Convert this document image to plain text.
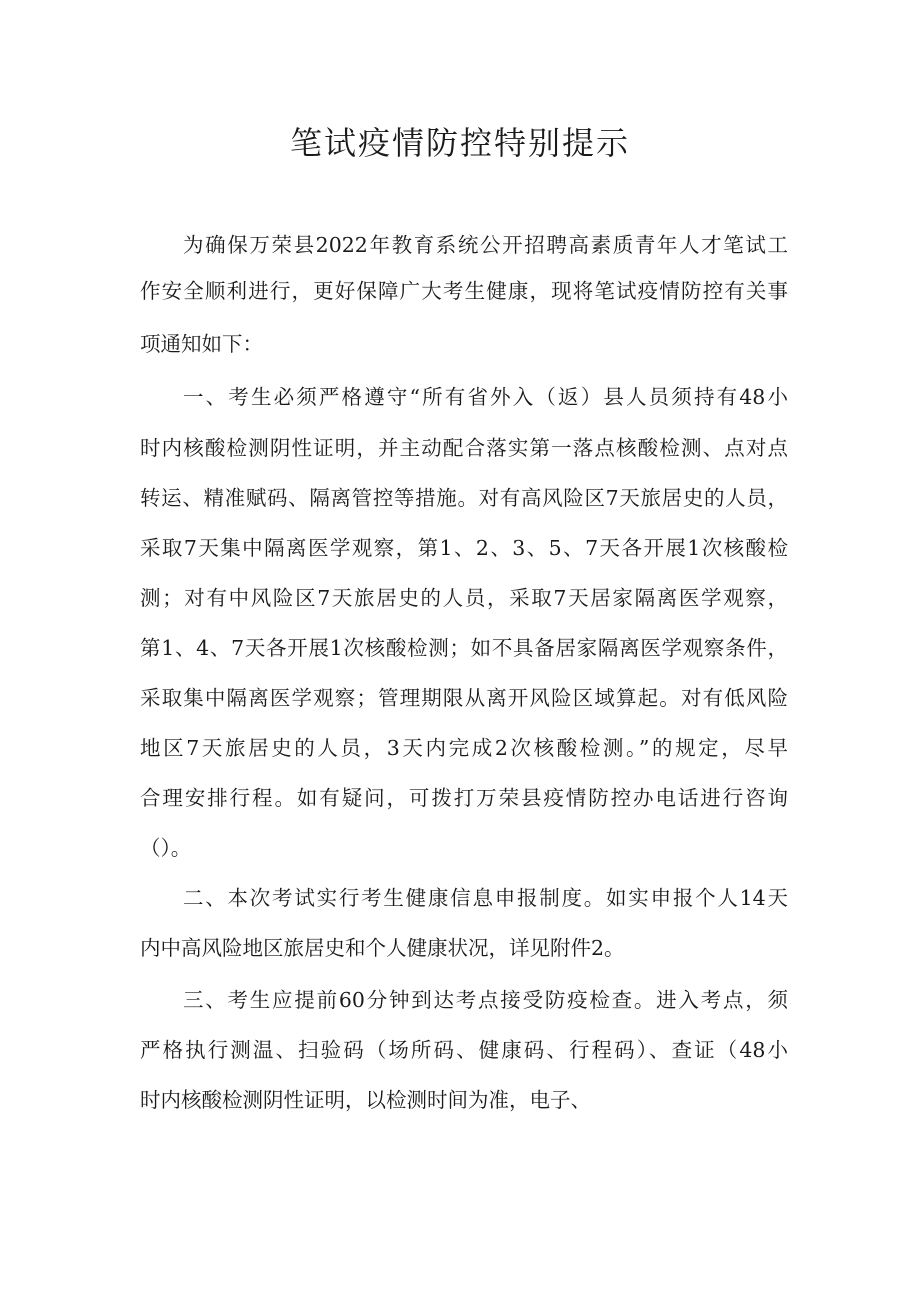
笔试疫情防控特别提示
为确保万荣县2022年教育系统公开招聘高素质青年人才笔试工
作安全顺利进行，更好保障广大考生健康，现将笔试疫情防控有关事
项通知如下：
一、考生必须严格遵守“所有省外入（返）县人员须持有48小
时内核酸检测阴性证明，并主动配合落实第一落点核酸检测、点对点
转运、精准赋码、隔离管控等措施。对有高风险区7天旅居史的人员，
采取7天集中隔离医学观察，第1、2、3、5、7天各开展1次核酸检
测；对有中风险区7天旅居史的人员，采取7天居家隔离医学观察，
第1、4、7天各开展1次核酸检测；如不具备居家隔离医学观察条件，
采取集中隔离医学观察；管理期限从离开风险区域算起。对有低风险
地区7天旅居史的人员，3天内完成2次核酸检测。”的规定，尽早
合理安排行程。如有疑问，可拨打万荣县疫情防控办电话进行咨询
（）。
二、本次考试实行考生健康信息申报制度。如实申报个人14天
内中高风险地区旅居史和个人健康状况，详见附件2。
三、考生应提前60分钟到达考点接受防疫检查。进入考点，须
严格执行测温、扫验码（场所码、健康码、行程码）、查证（48小
时内核酸检测阴性证明，以检测时间为准，电子、
